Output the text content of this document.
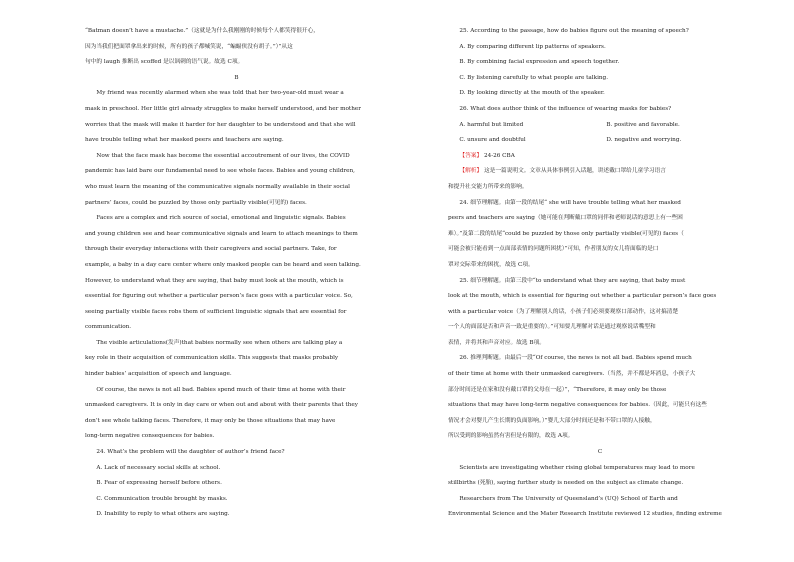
“Batman doesn’t have a mustache.”（这就是为什么我刚刚的时候每个人都笑得很开心，

因为当我们把面罩拿出来的时候，所有的孩子都喊笑说，“蝙蝠侠没有胡子。”）”从这

句中的 laugh 推断出 scoffed 是以讽刺的语气说。故选 C项。

B

My friend was recently alarmed when she was told that her two-year-old must wear a

mask in preschool. Her little girl already struggles to make herself understood, and her mother

worries that the mask will make it harder for her daughter to be understood and that she will

have trouble telling what her masked peers and teachers are saying.

Now that the face mask has become the essential accoutrement of our lives, the COVID

pandemic has laid bare our fundamental need to see whole faces. Babies and young children,

who must learn the meaning of the communicative signals normally available in their social

partners’ faces, could be puzzled by those only partially visible(可见的) faces.

Faces are a complex and rich source of social, emotional and linguistic signals. Babies

and young children see and hear communicative signals and learn to attach meanings to them

through their everyday interactions with their caregivers and social partners. Take, for

example, a baby in a day care center where only masked people can be heard and seen talking.

However, to understand what they are saying, that baby must look at the mouth, which is

essential for figuring out whether a particular person’s face goes with a particular voice. So,

seeing partially visible faces robs them of sufficient linguistic signals that are essential for

communication.

The visible articulations(发声)that babies normally see when others are talking play a

key role in their acquisition of communication skills. This suggests that masks probably

hinder babies’ acquisition of speech and language.

Of course, the news is not all bad. Babies spend much of their time at home with their

unmasked caregivers. It is only in day care or when out and about with their parents that they

don’t see whole talking faces. Therefore, it may only be those situations that may have

long-term negative consequences for babies.

24. What’s the problem will the daughter of author’s friend face?

A. Lack of necessary social skills at school.

B. Fear of expressing herself before others.

C. Communication trouble brought by masks.

D. Inability to reply to what others are saying.

25. According to the passage, how do babies figure out the meaning of speech?

A. By comparing different lip patterns of speakers.

B. By combining facial expression and speech together.

C. By listening carefully to what people are talking.

D. By looking directly at the mouth of the speaker.

26. What does author think of the influence of wearing masks for babies?

A. harmful but limited	B. positive and favorable.
C. unsure and doubtful	D. negative and worrying.

【答案】 24-26 CBA

【解析】 这是一篇说明文。文章从具体事例引入话题，讲述戴口罩给儿童学习语言

和提升社交能力所带来的影响。

24. 细节理解题。由第一段的结尾“ she will have trouble telling what her masked

peers and teachers are saying（她可能在判断戴口罩的同伴和老师说话的意思上有一些困

难）。”及第二段的结尾“could be puzzled by those only partially visible(可见的) faces（

可能会被只能看到一点面部表情的问题所困扰）”可知，作者朋友的女儿将面临的是口

罩对交际带来的困扰，故选 C项。

25. 细节理解题。由第三段中“to understand what they are saying, that baby must

look at the mouth, which is essential for figuring out whether a particular person’s face goes

with a particular voice（为了理解别人的话，小孩子们必须要观察口部动作，这对搞清楚

一个人的面部是否和声音一致是重要的）。”可知要儿理解对话是通过观察说话嘴型和

表情，并将其和声音对应。故选 B项。

26. 推理判断题。由最后一段“Of course, the news is not all bad. Babies spend much

of their time at home with their unmasked caregivers.（当然，并不都是坏消息，小孩子大

部分时间还是在家和没有戴口罩的父母在一起）”，“Therefore, it may only be those

situations that may have long-term negative consequences for babies.（因此，可能只有这些

情况才会对婴儿产生长期的负面影响。）”婴儿大部分时间还是和不带口罩的人接触，

所以受到的影响虽然有害但是有限的，故选 A项。

C

Scientists are investigating whether rising global temperatures may lead to more

stillbirths (死胎), saying further study is needed on the subject as climate change.

Researchers from The University of Queensland’s (UQ) School of Earth and

Environmental Science and the Mater Research Institute reviewed 12 studies, finding extreme
